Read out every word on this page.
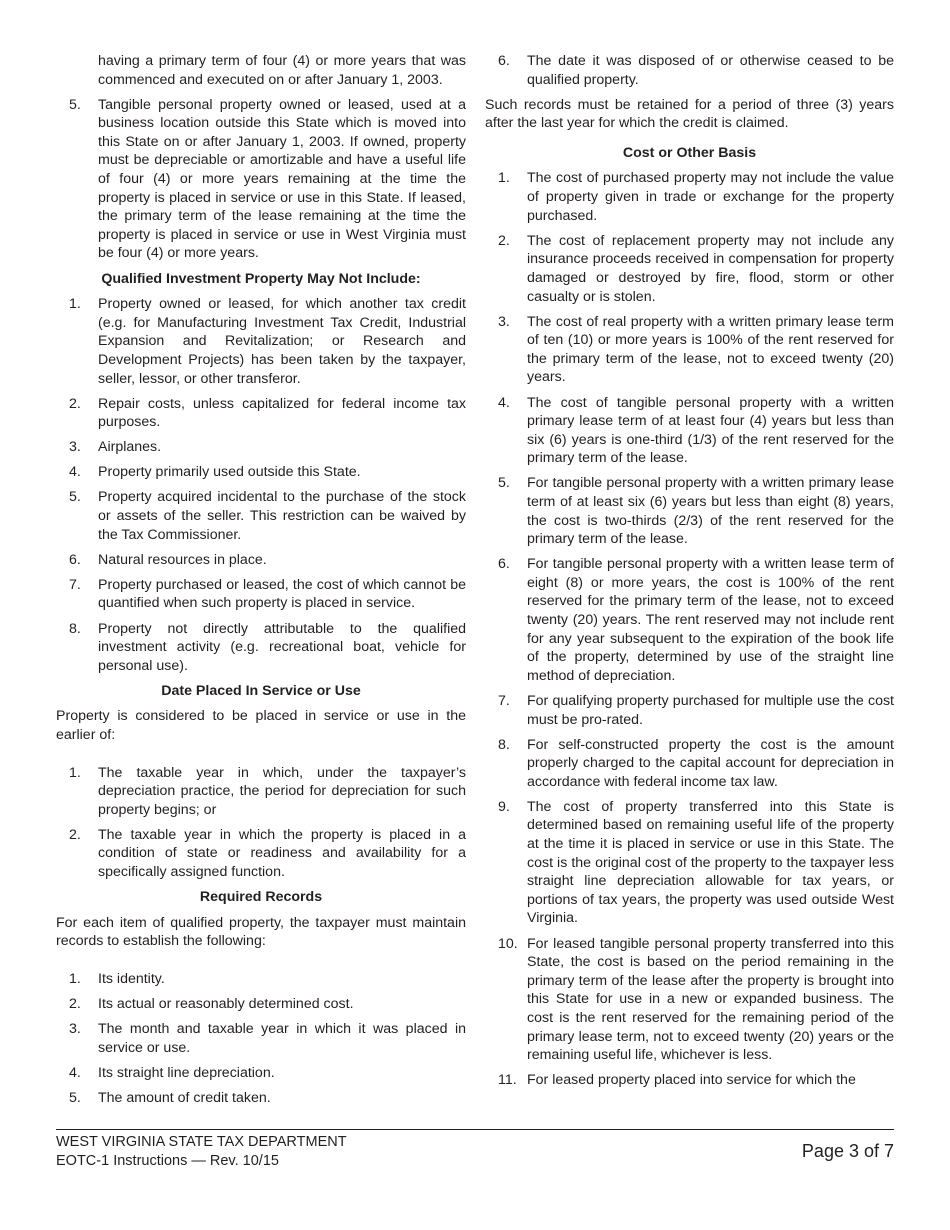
having a primary term of four (4) or more years that was commenced and executed on or after January 1, 2003.
5. Tangible personal property owned or leased, used at a business location outside this State which is moved into this State on or after January 1, 2003. If owned, property must be depreciable or amortizable and have a useful life of four (4) or more years remaining at the time the property is placed in service or use in this State. If leased, the primary term of the lease remaining at the time the property is placed in service or use in West Virginia must be four (4) or more years.
Qualified Investment Property May Not Include:
1. Property owned or leased, for which another tax credit (e.g. for Manufacturing Investment Tax Credit, Industrial Expansion and Revitalization; or Research and Development Projects) has been taken by the taxpayer, seller, lessor, or other transferor.
2. Repair costs, unless capitalized for federal income tax purposes.
3. Airplanes.
4. Property primarily used outside this State.
5. Property acquired incidental to the purchase of the stock or assets of the seller. This restriction can be waived by the Tax Commissioner.
6. Natural resources in place.
7. Property purchased or leased, the cost of which cannot be quantified when such property is placed in service.
8. Property not directly attributable to the qualified investment activity (e.g. recreational boat, vehicle for personal use).
Date Placed In Service or Use
Property is considered to be placed in service or use in the earlier of:
1. The taxable year in which, under the taxpayer’s depreciation practice, the period for depreciation for such property begins; or
2. The taxable year in which the property is placed in a condition of state or readiness and availability for a specifically assigned function.
Required Records
For each item of qualified property, the taxpayer must maintain records to establish the following:
1. Its identity.
2. Its actual or reasonably determined cost.
3. The month and taxable year in which it was placed in service or use.
4. Its straight line depreciation.
5. The amount of credit taken.
6. The date it was disposed of or otherwise ceased to be qualified property.
Such records must be retained for a period of three (3) years after the last year for which the credit is claimed.
Cost or Other Basis
1. The cost of purchased property may not include the value of property given in trade or exchange for the property purchased.
2. The cost of replacement property may not include any insurance proceeds received in compensation for property damaged or destroyed by fire, flood, storm or other casualty or is stolen.
3. The cost of real property with a written primary lease term of ten (10) or more years is 100% of the rent reserved for the primary term of the lease, not to exceed twenty (20) years.
4. The cost of tangible personal property with a written primary lease term of at least four (4) years but less than six (6) years is one-third (1/3) of the rent reserved for the primary term of the lease.
5. For tangible personal property with a written primary lease term of at least six (6) years but less than eight (8) years, the cost is two-thirds (2/3) of the rent reserved for the primary term of the lease.
6. For tangible personal property with a written lease term of eight (8) or more years, the cost is 100% of the rent reserved for the primary term of the lease, not to exceed twenty (20) years. The rent reserved may not include rent for any year subsequent to the expiration of the book life of the property, determined by use of the straight line method of depreciation.
7. For qualifying property purchased for multiple use the cost must be pro-rated.
8. For self-constructed property the cost is the amount properly charged to the capital account for depreciation in accordance with federal income tax law.
9. The cost of property transferred into this State is determined based on remaining useful life of the property at the time it is placed in service or use in this State. The cost is the original cost of the property to the taxpayer less straight line depreciation allowable for tax years, or portions of tax years, the property was used outside West Virginia.
10. For leased tangible personal property transferred into this State, the cost is based on the period remaining in the primary term of the lease after the property is brought into this State for use in a new or expanded business. The cost is the rent reserved for the remaining period of the primary lease term, not to exceed twenty (20) years or the remaining useful life, whichever is less.
11. For leased property placed into service for which the
WEST VIRGINIA STATE TAX DEPARTMENT
EOTC-1 Instructions — Rev. 10/15	Page 3 of 7
